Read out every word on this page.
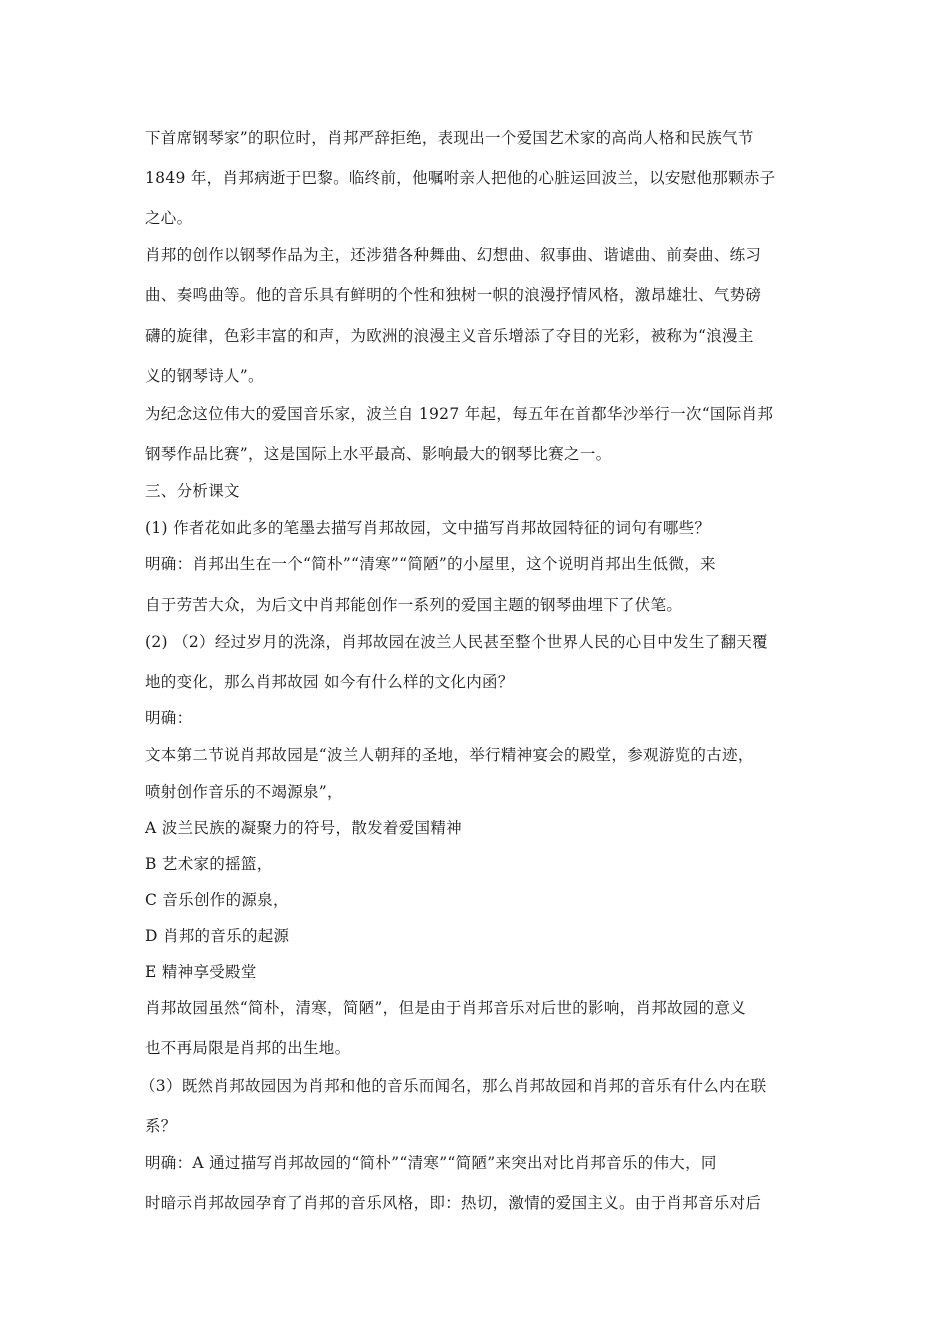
下首席钢琴家”的职位时，肖邦严辞拒绝，表现出一个爱国艺术家的高尚人格和民族气节
1849 年，肖邦病逝于巴黎。临终前，他嘱咐亲人把他的心脏运回波兰，以安慰他那颗赤子
之心。
肖邦的创作以钢琴作品为主，还涉猎各种舞曲、幻想曲、叙事曲、谐谑曲、前奏曲、练习
曲、奏鸣曲等。他的音乐具有鲜明的个性和独树一帜的浪漫抒情风格，激昂雄壮、气势磅
礴的旋律，色彩丰富的和声，为欧洲的浪漫主义音乐增添了夺目的光彩，被称为“浪漫主
义的钢琴诗人”。
为纪念这位伟大的爱国音乐家，波兰自 1927 年起，每五年在首都华沙举行一次“国际肖邦
钢琴作品比赛”，这是国际上水平最高、影响最大的钢琴比赛之一。
三、分析课文
(1) 作者花如此多的笔墨去描写肖邦故园，文中描写肖邦故园特征的词句有哪些？
明确：肖邦出生在一个“简朴”“清寒”“简陋”的小屋里，这个说明肖邦出生低微，来
自于劳苦大众，为后文中肖邦能创作一系列的爱国主题的钢琴曲埋下了伏笔。
(2) （2）经过岁月的洗涤，肖邦故园在波兰人民甚至整个世界人民的心目中发生了翻天覆
地的变化，那么肖邦故园 如今有什么样的文化内函？
明确：
文本第二节说肖邦故园是“波兰人朝拜的圣地，举行精神宴会的殿堂，参观游览的古迹，
喷射创作音乐的不竭源泉”，
A 波兰民族的凝聚力的符号，散发着爱国精神
B 艺术家的摇篮，
C 音乐创作的源泉，
D 肖邦的音乐的起源
E 精神享受殿堂
肖邦故园虽然“简朴，清寒，简陋”，但是由于肖邦音乐对后世的影响，肖邦故园的意义
也不再局限是肖邦的出生地。
（3）既然肖邦故园因为肖邦和他的音乐而闻名，那么肖邦故园和肖邦的音乐有什么内在联
系？
明确：A 通过描写肖邦故园的“简朴”“清寒”“简陋”来突出对比肖邦音乐的伟大，同
时暗示肖邦故园孕育了肖邦的音乐风格，即：热切，激情的爱国主义。由于肖邦音乐对后
